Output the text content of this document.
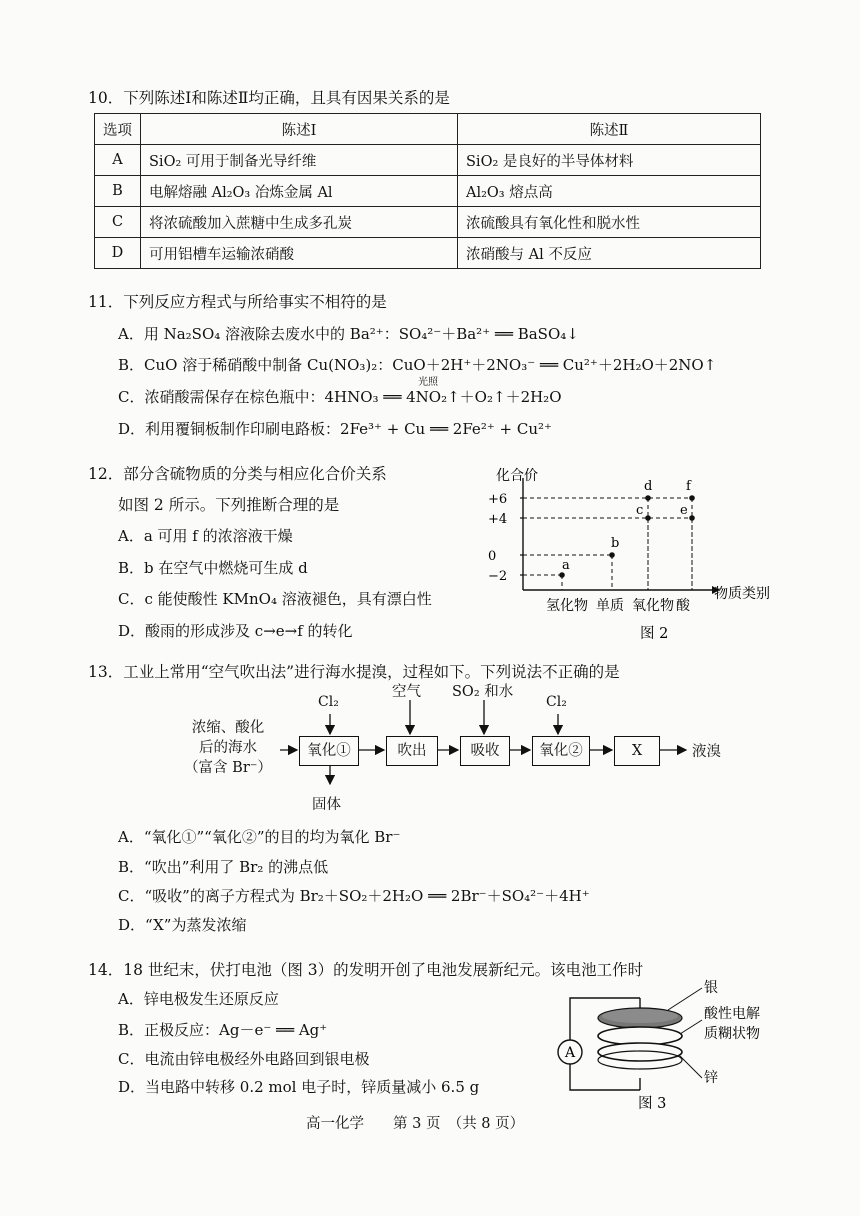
10．下列陈述Ⅰ和陈述Ⅱ均正确，且具有因果关系的是
选项	陈述Ⅰ	陈述Ⅱ
A	SiO₂ 可用于制备光导纤维	SiO₂ 是良好的半导体材料
B	电解熔融 Al₂O₃ 冶炼金属 Al	Al₂O₃ 熔点高
C	将浓硫酸加入蔗糖中生成多孔炭	浓硫酸具有氧化性和脱水性
D	可用铝槽车运输浓硝酸	浓硝酸与 Al 不反应
11．下列反应方程式与所给事实不相符的是
A．用 Na₂SO₄ 溶液除去废水中的 Ba²⁺：SO₄²⁻＋Ba²⁺ ══ BaSO₄↓
B．CuO 溶于稀硝酸中制备 Cu(NO₃)₂：CuO＋2H⁺＋2NO₃⁻ ══ Cu²⁺＋2H₂O＋2NO↑
C．浓硝酸需保存在棕色瓶中：4HNO₃ ══ 4NO₂↑＋O₂↑＋2H₂O
光照
D．利用覆铜板制作印刷电路板：2Fe³⁺ + Cu ══ 2Fe²⁺ + Cu²⁺
12．部分含硫物质的分类与相应化合价关系
如图 2 所示。下列推断合理的是
A．a 可用 f 的浓溶液干燥
B．b 在空气中燃烧可生成 d
C．c 能使酸性 KMnO₄ 溶液褪色，具有漂白性
D．酸雨的形成涉及 c→e→f 的转化
化合价
物质类别
+6
+4
0
−2
氢化物 单质 氧化物 酸
a
b
c
d
e
f
图 2
13．工业上常用“空气吹出法”进行海水提溴，过程如下。下列说法不正确的是
浓缩、酸化
后的海水
（富含 Br⁻）
Cl₂
空气 SO₂ 和水
Cl₂
氧化①	吹出	吸收	氧化②	X	液溴
固体
A．“氧化①”“氧化②”的目的均为氧化 Br⁻
B．“吹出”利用了 Br₂ 的沸点低
C．“吸收”的离子方程式为 Br₂＋SO₂＋2H₂O ══ 2Br⁻＋SO₄²⁻＋4H⁺
D．“X”为蒸发浓缩
14．18 世纪末，伏打电池（图 3）的发明开创了电池发展新纪元。该电池工作时
A．锌电极发生还原反应
B．正极反应：Ag－e⁻ ══ Ag⁺
C．电流由锌电极经外电路回到银电极
D．当电路中转移 0.2 mol 电子时，锌质量减小 6.5 g
A
银
酸性电解
质糊状物
锌
图 3
高一化学　　第 3 页　（共 8 页）
